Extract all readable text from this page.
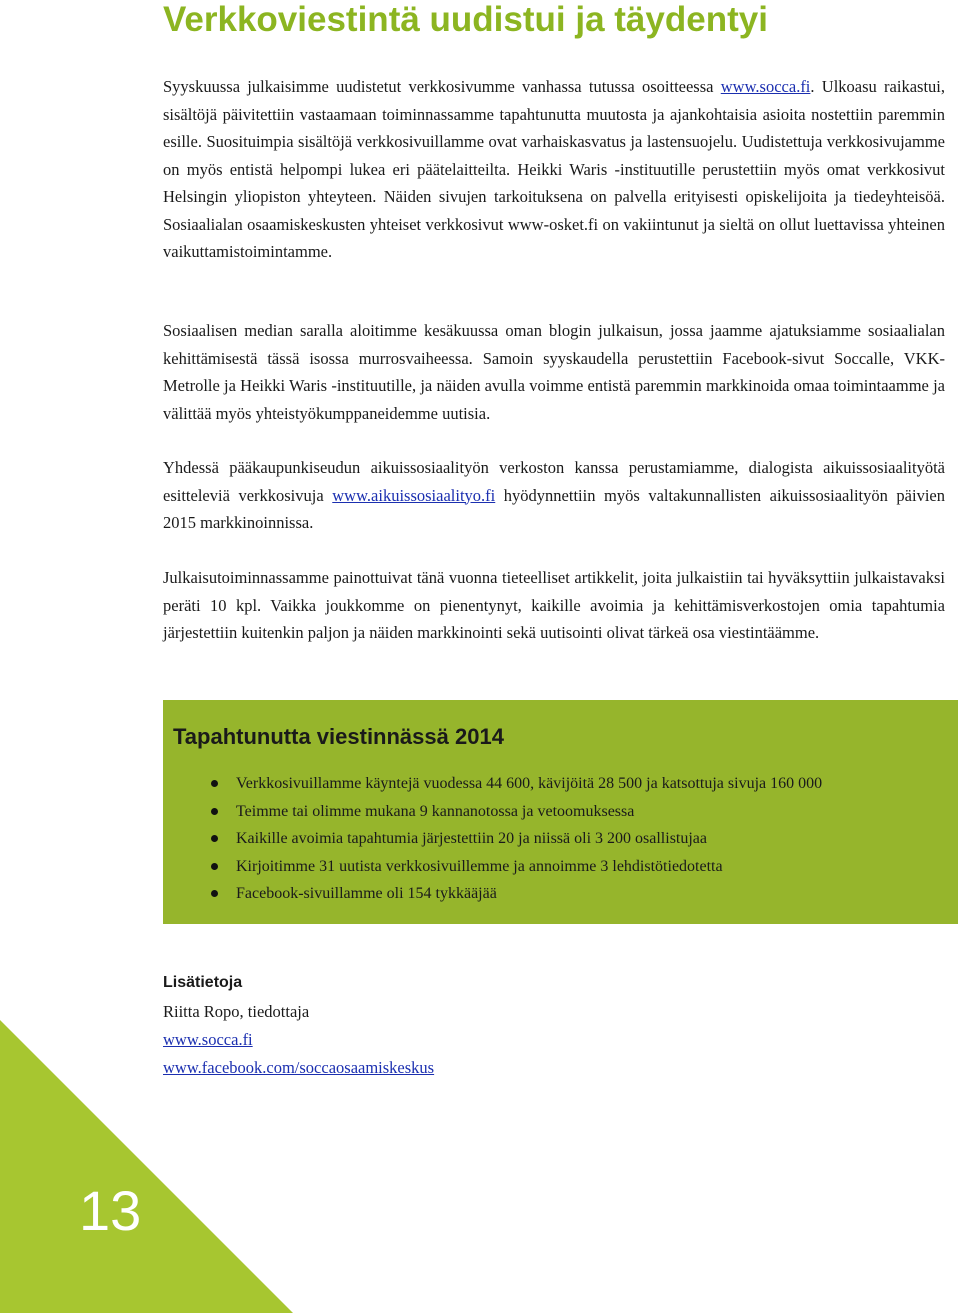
Verkkoviestintä uudistui ja täydentyi

Syyskuussa julkaisimme uudistetut verkkosivumme vanhassa tutussa osoitteessa www.socca.fi. Ulkoasu raikastui, sisältöjä päivitettiin vastaamaan toiminnassamme tapahtunutta muutosta ja ajankohtaisia asioita nostettiin paremmin esille. Suosituimpia sisältöjä verkkosivuillamme ovat varhaiskasvatus ja lastensuojelu. Uudistettuja verkkosivujamme on myös entistä helpompi lukea eri päätelaitteilta. Heikki Waris -instituutille perustettiin myös omat verkkosivut Helsingin yliopiston yhteyteen. Näiden sivujen tarkoituksena on palvella erityisesti opiskelijoita ja tiedeyhteisöä. Sosiaalialan osaamiskeskusten yhteiset verkkosivut www-osket.fi on vakiintunut ja sieltä on ollut luettavissa yhteinen vaikuttamistoimintamme.

Sosiaalisen median saralla aloitimme kesäkuussa oman blogin julkaisun, jossa jaamme ajatuksiamme sosiaalialan kehittämisestä tässä isossa murrosvaiheessa. Samoin syyskaudella perustettiin Facebook-sivut Soccalle, VKK-Metrolle ja Heikki Waris -instituutille, ja näiden avulla voimme entistä paremmin markkinoida omaa toimintaamme ja välittää myös yhteistyökumppaneidemme uutisia.

Yhdessä pääkaupunkiseudun aikuissosiaalityön verkoston kanssa perustamiamme, dialogista aikuissosiaalityötä esitteleviä verkkosivuja www.aikuissosiaalityo.fi hyödynnettiin myös valtakunnallisten aikuissosiaalityön päivien 2015 markkinoinnissa.

Julkaisutoiminnassamme painottuivat tänä vuonna tieteelliset artikkelit, joita julkaistiin tai hyväksyttiin julkaistavaksi peräti 10 kpl. Vaikka joukkomme on pienentynyt, kaikille avoimia ja kehittämisverkostojen omia tapahtumia järjestettiin kuitenkin paljon ja näiden markkinointi sekä uutisointi olivat tärkeä osa viestintäämme.

Tapahtunutta viestinnässä 2014
Verkkosivuillamme käyntejä vuodessa 44 600, kävijöitä 28 500 ja katsottuja sivuja 160 000
Teimme tai olimme mukana 9 kannanotossa ja vetoomuksessa
Kaikille avoimia tapahtumia järjestettiin 20 ja niissä oli 3 200 osallistujaa
Kirjoitimme 31 uutista verkkosivuillemme ja annoimme 3 lehdistötiedotetta
Facebook-sivuillamme oli 154 tykkääjää
Lisätietoja
Riitta Ropo, tiedottaja
www.socca.fi
www.facebook.com/soccaosaamiskeskus
13
